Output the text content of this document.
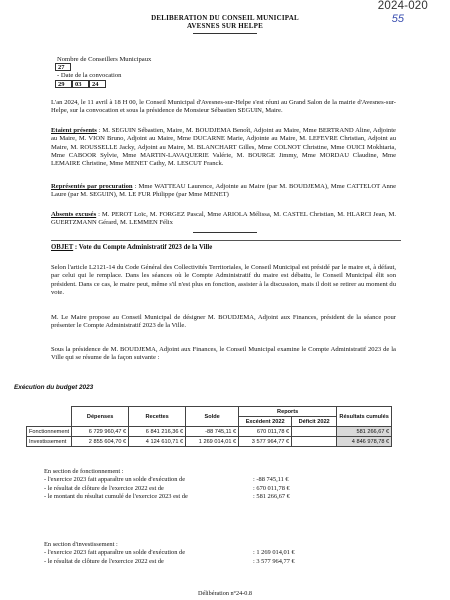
2024-020
55
DELIBERATION DU CONSEIL MUNICIPAL
AVESNES SUR HELPE
Nombre de Conseillers Municipaux
27
- Date de la convocation
29	03	24
L'an 2024, le 11 avril à 18 H 00, le Conseil Municipal d'Avesnes-sur-Helpe s'est réuni au Grand Salon de la mairie d'Avesnes-sur-Helpe, sur la convocation et sous la présidence de Monsieur Sébastien SEGUIN, Maire.
Etaient présents : M. SEGUIN Sébastien, Maire, M. BOUDJEMA Benoît, Adjoint au Maire, Mme BERTRAND Aline, Adjointe au Maire, M. VION Bruno, Adjoint au Maire, Mme DUCARNE Marie, Adjointe au Maire, M. LEFEVRE Christian, Adjoint au Maire, M. ROUSSELLE Jacky, Adjoint au Maire, M. BLANCHART Gilles, Mme COLNOT Christine, Mme OUICI Mokhtaria, Mme CABOOR Sylvie, Mme MARTIN-LAVAQUERIE Valérie, M. BOURGE Jimmy, Mme MORDAU Claudine, Mme LEMAIRE Christine, Mme MENET Cathy, M. LESCUT Franck.
Représentés par procuration : Mme WATTEAU Laurence, Adjointe au Maire (par M. BOUDJEMA), Mme CATTELOT Anne Laure (par M. SEGUIN), M. LE FUR Philippe (par Mme MENET)
Absents excusés : M. PEROT Loïc, M. FORGEZ Pascal, Mme ARIOLA Mélissa, M. CASTEL Christian, M. HLARCI Jean, M. GUERTZMANN Gérard, M. LEMMEN Félix
OBJET : Vote du Compte Administratif 2023 de la Ville
Selon l'article L2121-14 du Code Général des Collectivités Territoriales, le Conseil Municipal est présidé par le maire et, à défaut, par celui qui le remplace. Dans les séances où le Compte Administratif du maire est débattu, le Conseil Municipal élit son président. Dans ce cas, le maire peut, même s'il n'est plus en fonction, assister à la discussion, mais il doit se retirer au moment du vote.
M. Le Maire propose au Conseil Municipal de désigner M. BOUDJEMA, Adjoint aux Finances, président de la séance pour présenter le Compte Administratif 2023 de la Ville.
Sous la présidence de M. BOUDJEMA, Adjoint aux Finances, le Conseil Municipal examine le Compte Administratif 2023 de la Ville qui se résume de la façon suivante :
Exécution du budget 2023
	Dépenses	Recettes	Solde	Reports		Résultats cumulés
				Excédent 2022	Déficit 2022	
Fonctionnement	6 729 960,47 €	6 841 216,36 €	-88 745,11 €	670 011,78 €		581 266,67 €
Investissement	2 855 604,70 €	4 124 610,71 €	1 269 014,01 €	3 577 964,77 €		4 846 978,78 €
En section de fonctionnement :
- l'exercice 2023 fait apparaître un solde d'exécution de	: -88 745,11 €
- le résultat de clôture de l'exercice 2022 est de	: 670 011,78 €
- le montant du résultat cumulé de l'exercice 2023 est de	: 581 266,67 €
En section d'investissement :
- l'exercice 2023 fait apparaître un solde d'exécution de	: 1 269 014,01 €
- le résultat de clôture de l'exercice 2022 est de	: 3 577 964,77 €
Délibération n°24-0.8
